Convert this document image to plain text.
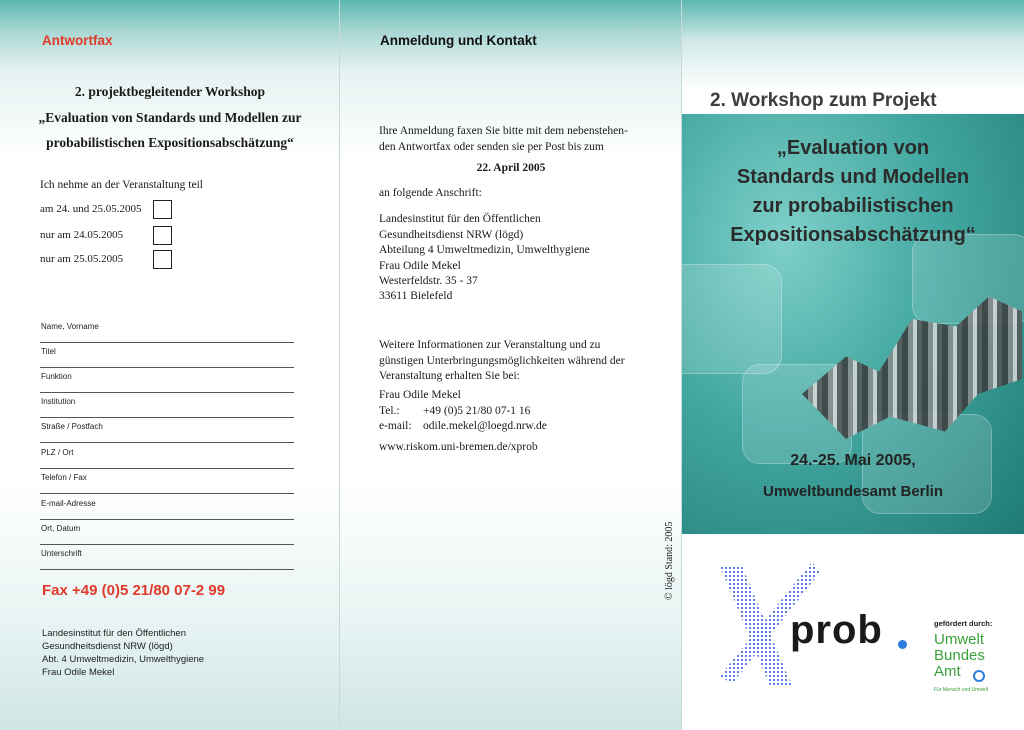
Antwortfax
2. projektbegleitender Workshop
„Evaluation von Standards und Modellen zur
probabilistischen Expositionsabschätzung“
Ich nehme an der Veranstaltung teil
am 24. und 25.05.2005
nur am 24.05.2005
nur am 25.05.2005
Name, Vorname
Titel
Funktion
Institution
Straße / Postfach
PLZ / Ort
Telefon / Fax
E-mail-Adresse
Ort, Datum
Unterschrift
Fax +49 (0)5 21/80 07-2 99
Landesinstitut für den Öffentlichen
Gesundheitsdienst NRW (lögd)
Abt. 4 Umweltmedizin, Umwelthygiene
Frau Odile Mekel
Anmeldung und Kontakt
Ihre Anmeldung faxen Sie bitte mit dem nebenstehen-
den Antwortfax oder senden sie per Post bis zum
22. April 2005
an folgende Anschrift:
Landesinstitut für den Öffentlichen
Gesundheitsdienst NRW (lögd)
Abteilung 4 Umweltmedizin, Umwelthygiene
Frau Odile Mekel
Westerfeldstr. 35 - 37
33611 Bielefeld
Weitere Informationen zur Veranstaltung und zu
günstigen Unterbringungsmöglichkeiten während der
Veranstaltung erhalten Sie bei:
Frau Odile Mekel
Tel.: +49 (0)5 21/80 07-1 16
e-mail: odile.mekel@loegd.nrw.de
www.riskom.uni-bremen.de/xprob
© lögd Stand: 2005
2. Workshop zum Projekt
„Evaluation von
Standards und Modellen
zur probabilistischen
Expositionsabschätzung“
24.-25. Mai 2005,
Umweltbundesamt Berlin
prob	gefördert durch:
Umwelt
Bundes
Amt
Für Mensch und Umwelt
